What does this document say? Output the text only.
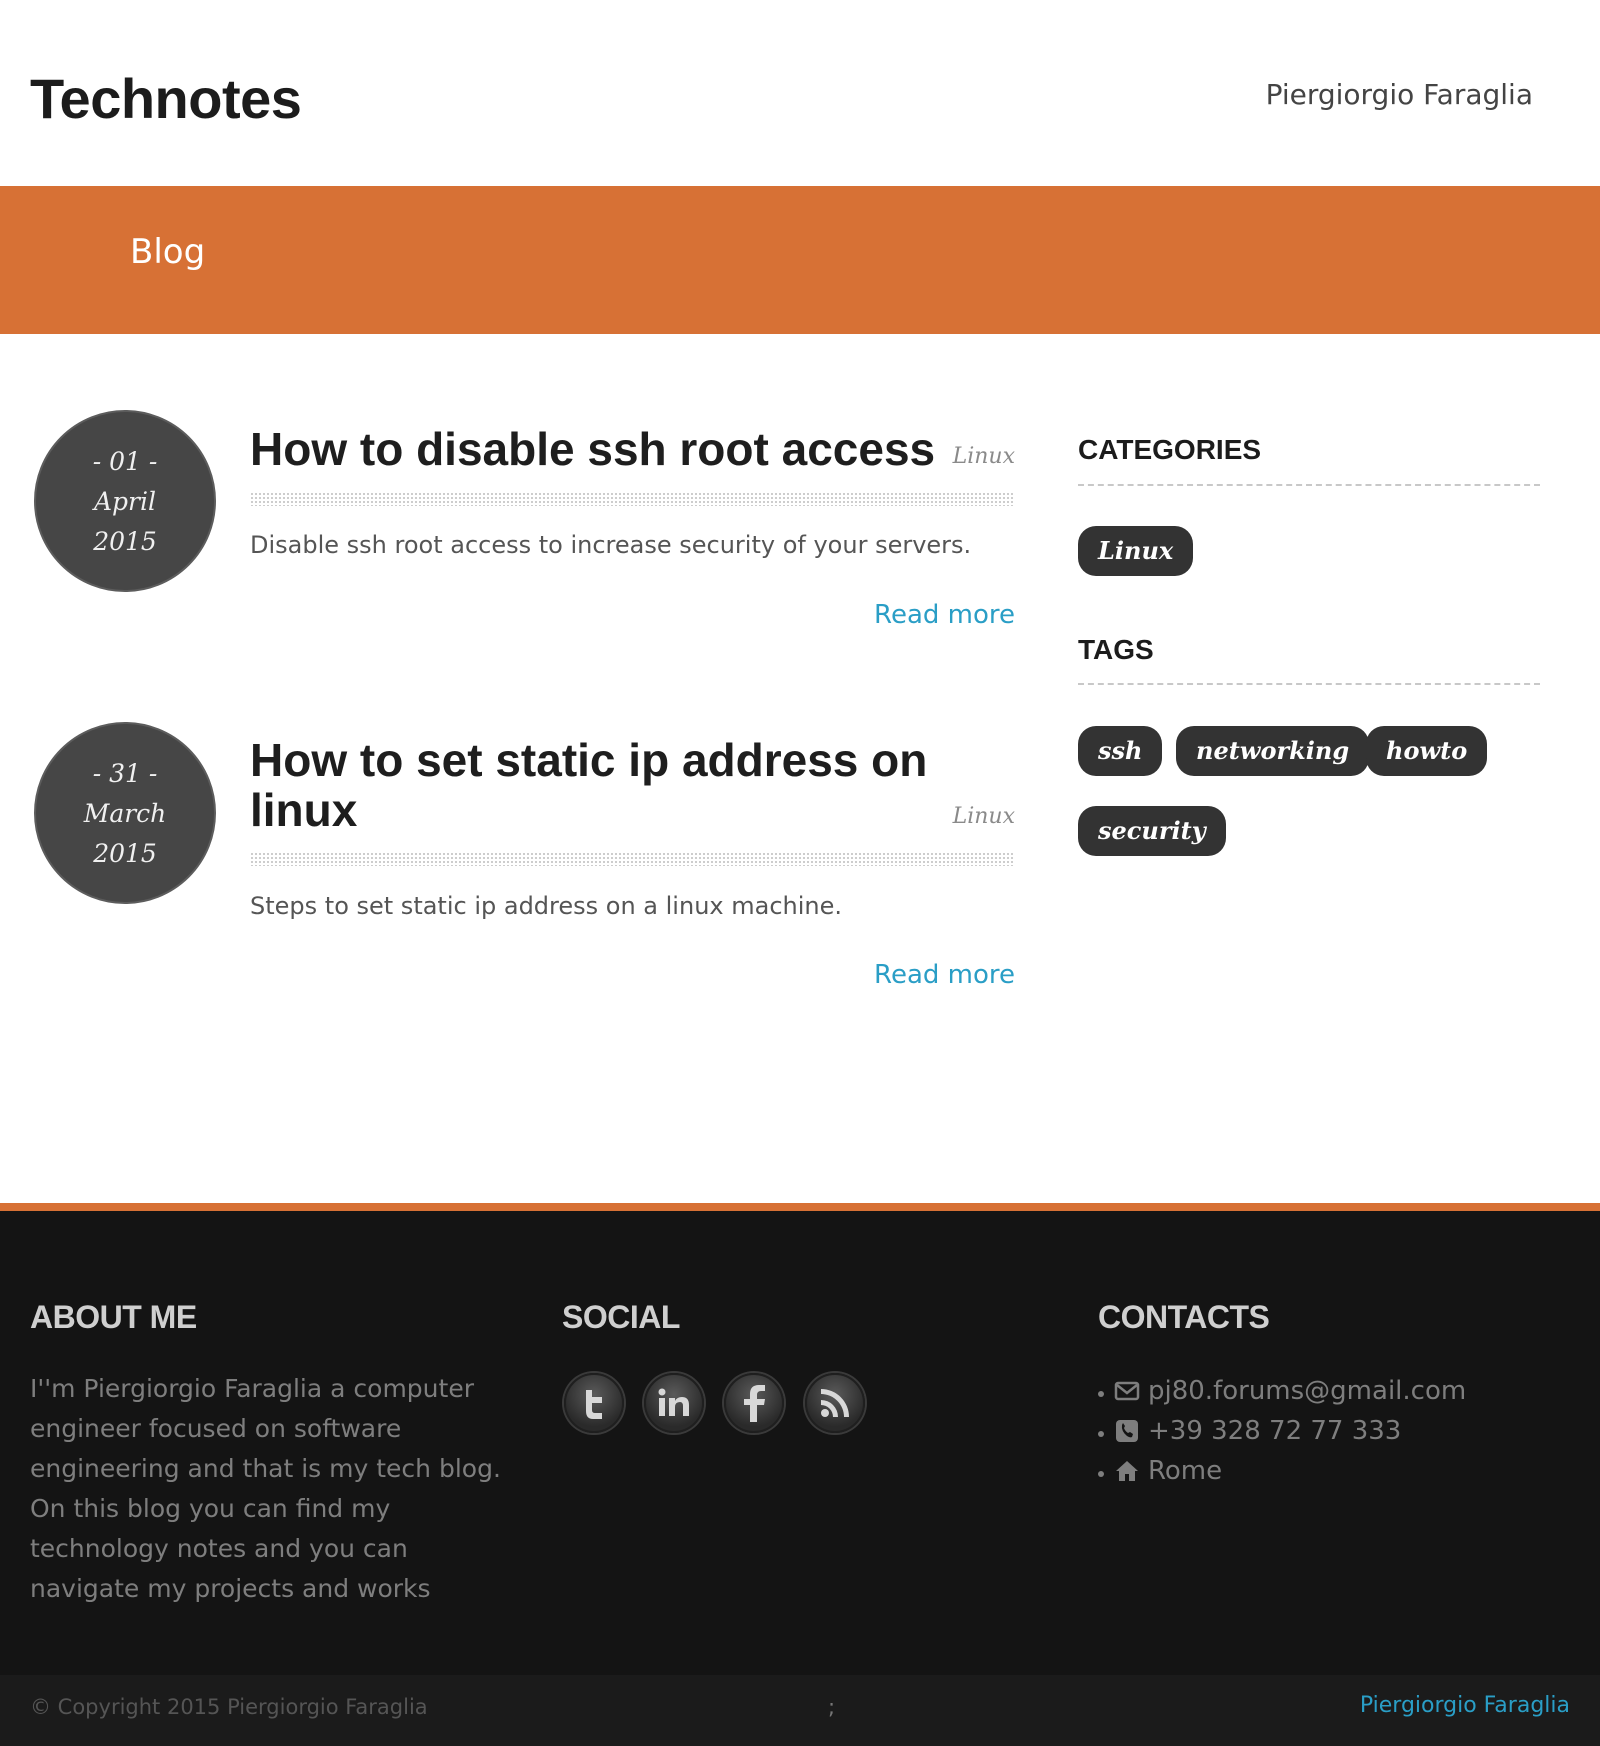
Technotes	Piergiorgio Faraglia
Blog
- 01 -
April
2015
How to disable ssh root access Linux
Disable ssh root access to increase security of your servers.
Read more
- 31 -
March
2015
How to set static ip address on
linux	Linux
Steps to set static ip address on a linux machine.
Read more
CATEGORIES
Linux
TAGS
ssh	networking	howto
security
ABOUT ME
I''m Piergiorgio Faraglia a computer engineer focused on software engineering and that is my tech blog. On this blog you can find my technology notes and you can navigate my projects and works
SOCIAL	CONTACTS
pj80.forums@gmail.com
+39 328 72 77 333
Rome
© Copyright 2015 Piergiorgio Faraglia	;	Piergiorgio Faraglia
